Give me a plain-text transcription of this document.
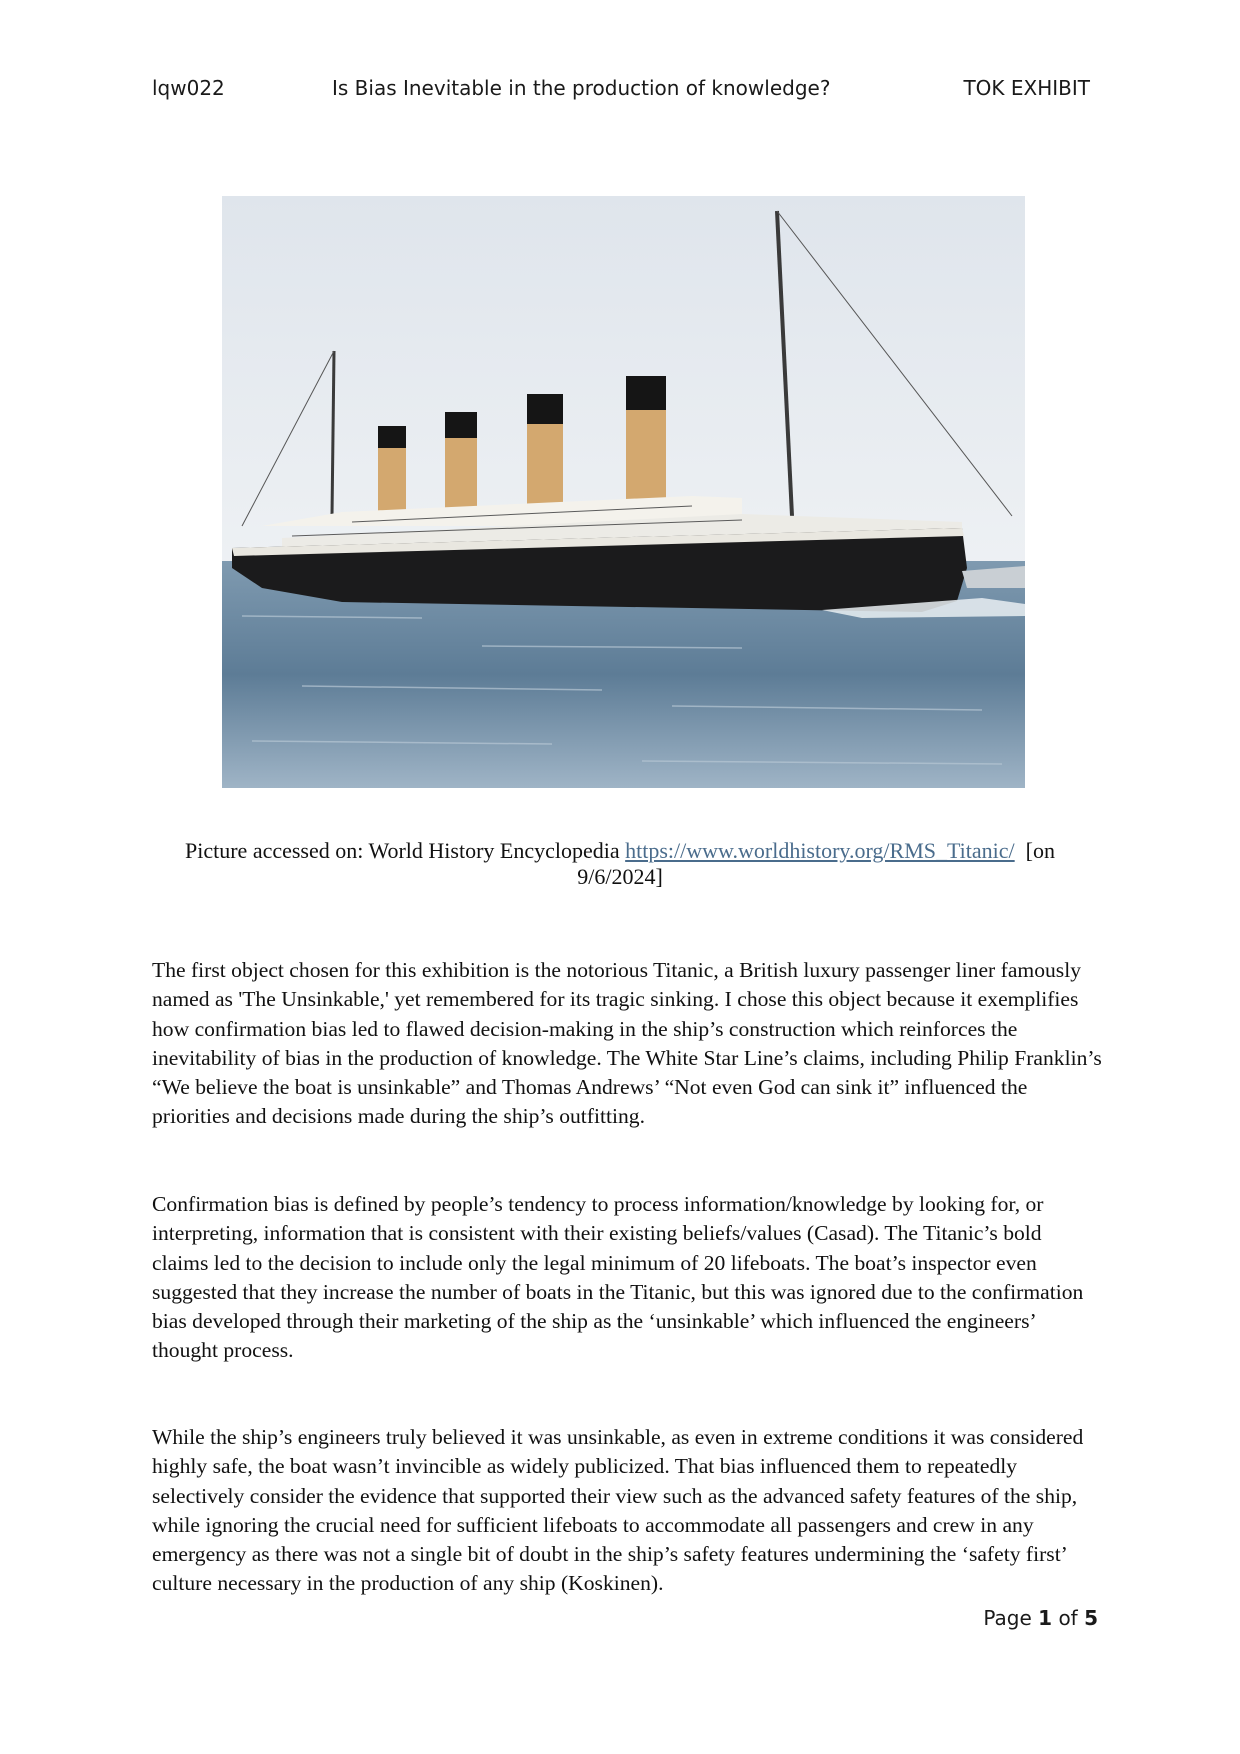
lqw022	Is Bias Inevitable in the production of knowledge?	TOK EXHIBIT
Picture accessed on: World History Encyclopedia https://www.worldhistory.org/RMS_Titanic/ [on
9/6/2024]

The first object chosen for this exhibition is the notorious Titanic, a British luxury passenger liner famously named as 'The Unsinkable,' yet remembered for its tragic sinking. I chose this object because it exemplifies how confirmation bias led to flawed decision-making in the ship’s construction which reinforces the inevitability of bias in the production of knowledge. The White Star Line’s claims, including Philip Franklin’s “We believe the boat is unsinkable” and Thomas Andrews’ “Not even God can sink it” influenced the priorities and decisions made during the ship’s outfitting.

Confirmation bias is defined by people’s tendency to process information/knowledge by looking for, or interpreting, information that is consistent with their existing beliefs/values (Casad). The Titanic’s bold claims led to the decision to include only the legal minimum of 20 lifeboats. The boat’s inspector even suggested that they increase the number of boats in the Titanic, but this was ignored due to the confirmation bias developed through their marketing of the ship as the ‘unsinkable’ which influenced the engineers’ thought process.

While the ship’s engineers truly believed it was unsinkable, as even in extreme conditions it was considered highly safe, the boat wasn’t invincible as widely publicized. That bias influenced them to repeatedly selectively consider the evidence that supported their view such as the advanced safety features of the ship, while ignoring the crucial need for sufficient lifeboats to accommodate all passengers and crew in any emergency as there was not a single bit of doubt in the ship’s safety features undermining the ‘safety first’ culture necessary in the production of any ship (Koskinen).

Page 1 of 5
